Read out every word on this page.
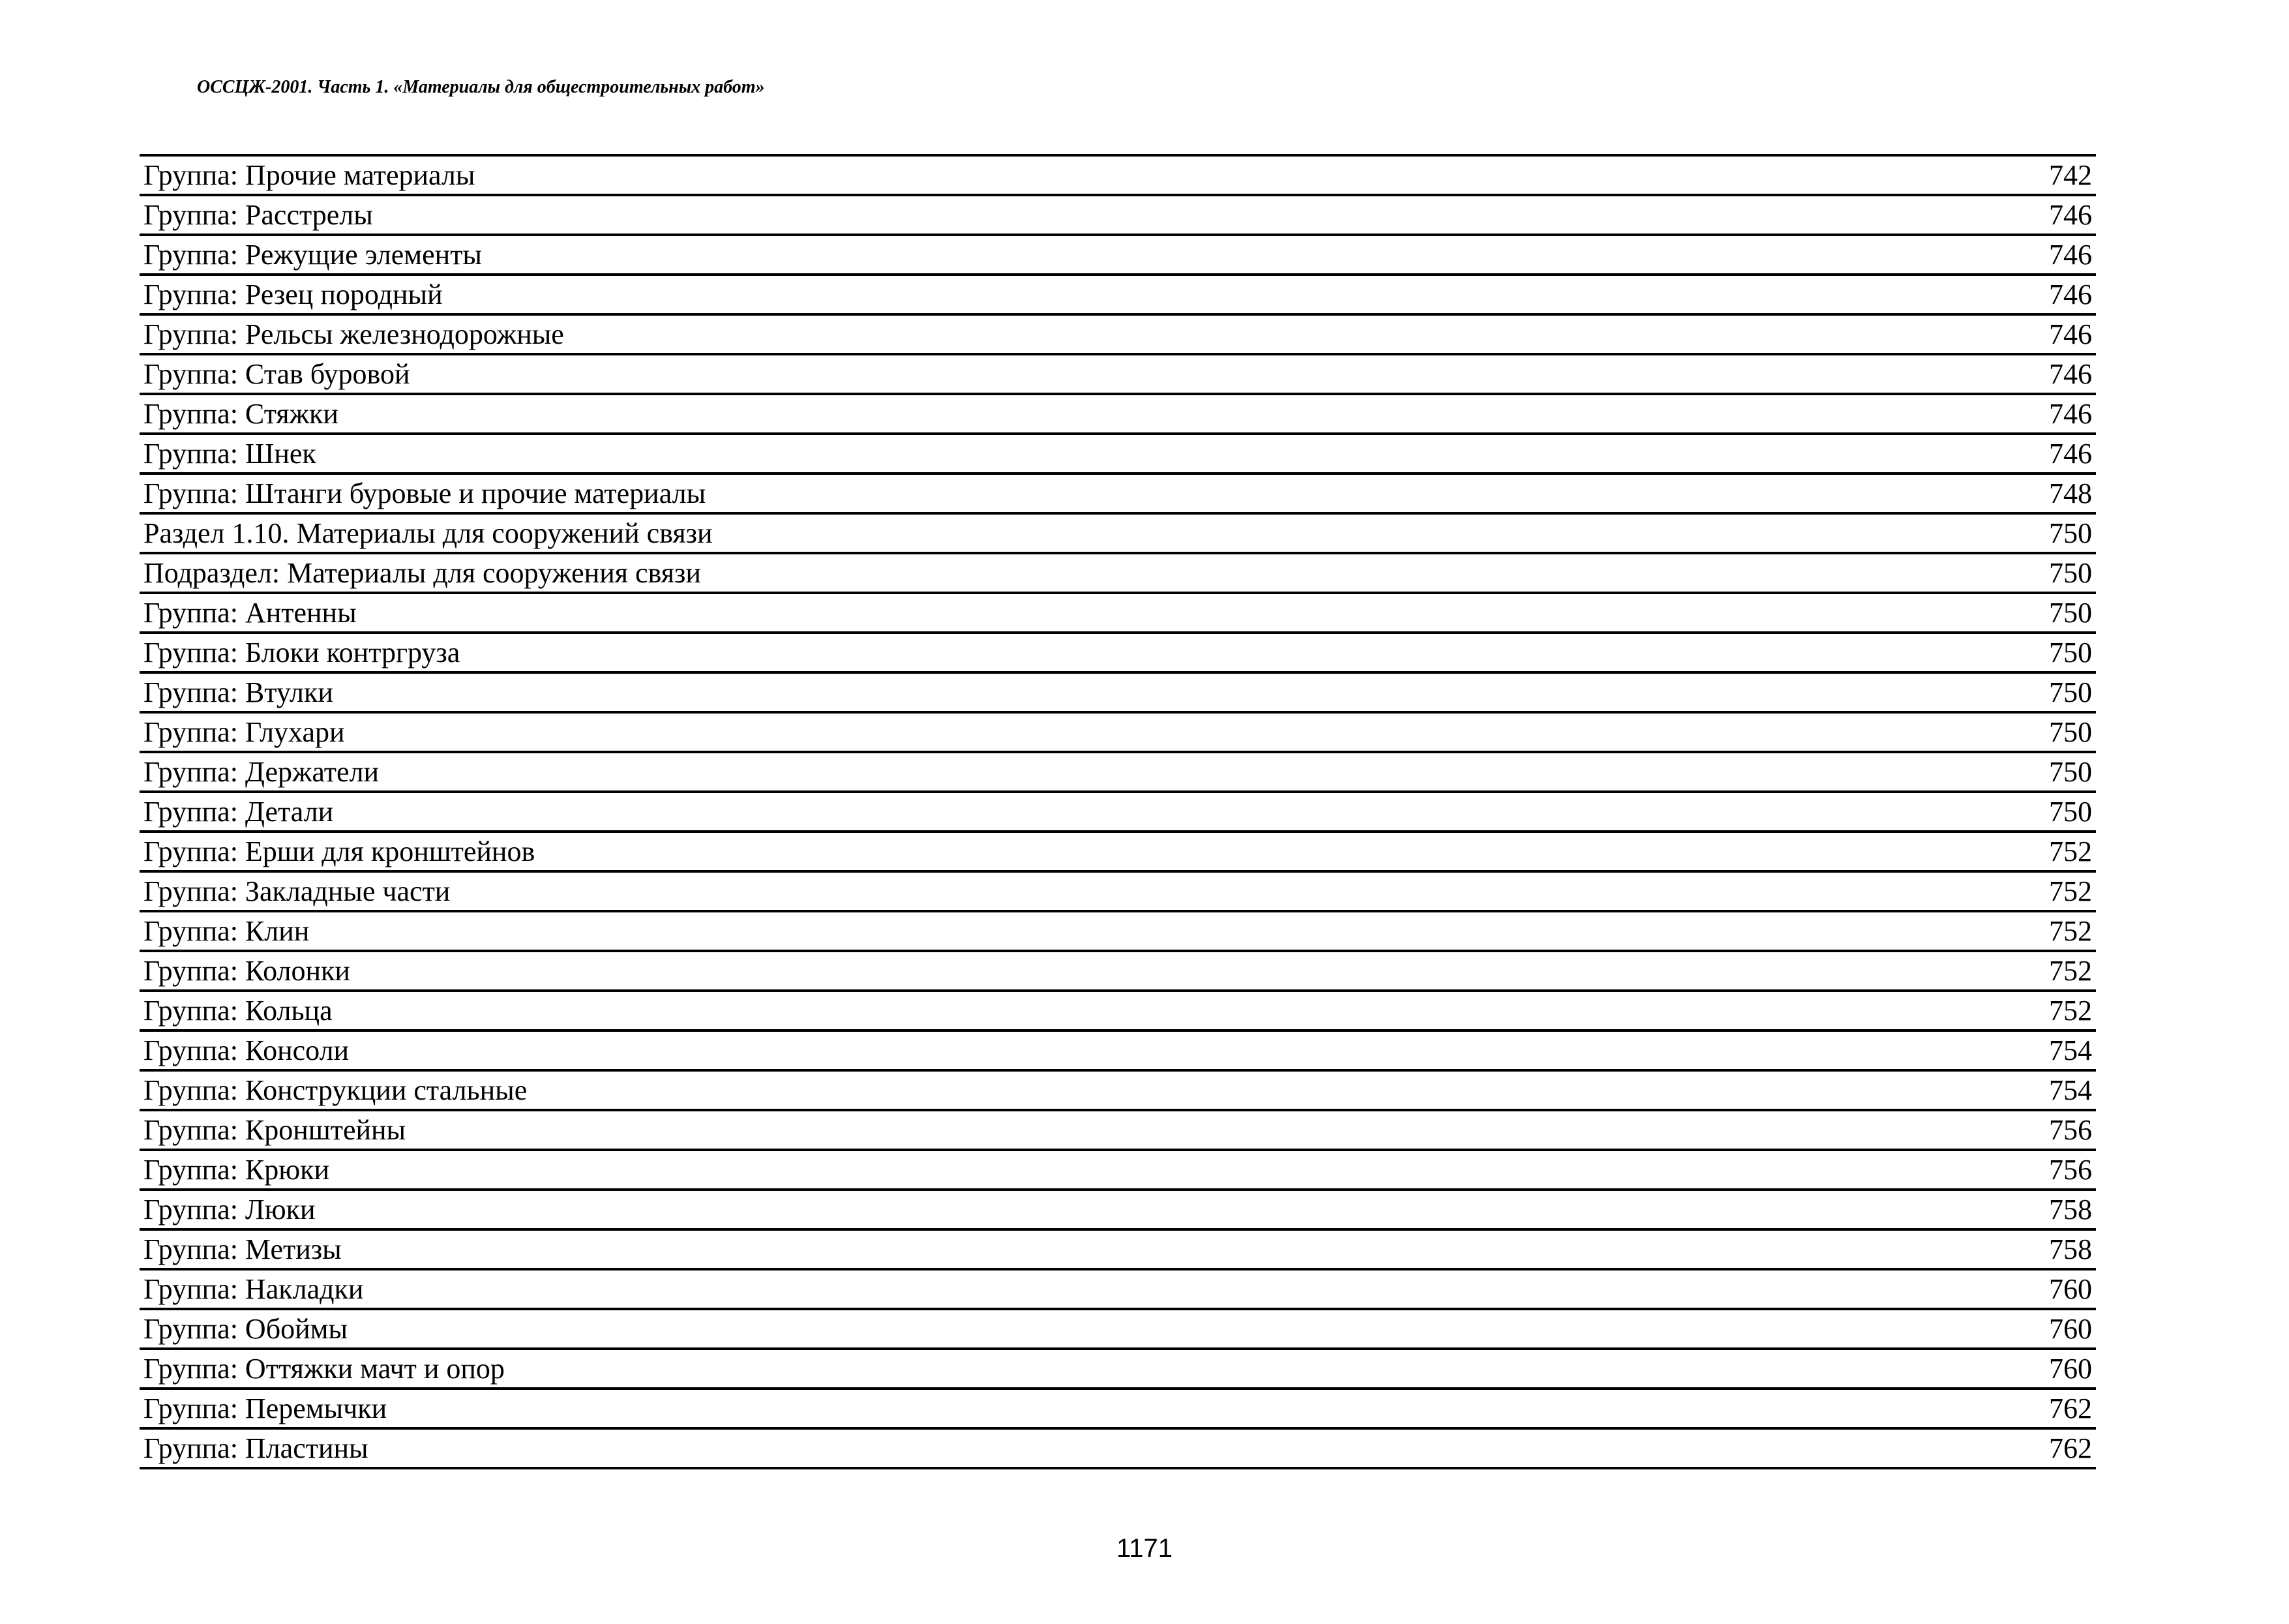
ОССЦЖ-2001. Часть 1. «Материалы для общестроительных работ»
Группа: Прочие материалы	742
Группа: Расстрелы	746
Группа: Режущие элементы	746
Группа: Резец породный	746
Группа: Рельсы железнодорожные	746
Группа: Став буровой	746
Группа: Стяжки	746
Группа: Шнек	746
Группа: Штанги буровые и прочие материалы	748
Раздел 1.10. Материалы для сооружений связи	750
Подраздел: Материалы для сооружения связи	750
Группа: Антенны	750
Группа: Блоки контргруза	750
Группа: Втулки	750
Группа: Глухари	750
Группа: Держатели	750
Группа: Детали	750
Группа: Ерши для кронштейнов	752
Группа: Закладные части	752
Группа: Клин	752
Группа: Колонки	752
Группа: Кольца	752
Группа: Консоли	754
Группа: Конструкции стальные	754
Группа: Кронштейны	756
Группа: Крюки	756
Группа: Люки	758
Группа: Метизы	758
Группа: Накладки	760
Группа: Обоймы	760
Группа: Оттяжки мачт и опор	760
Группа: Перемычки	762
Группа: Пластины	762
1171
